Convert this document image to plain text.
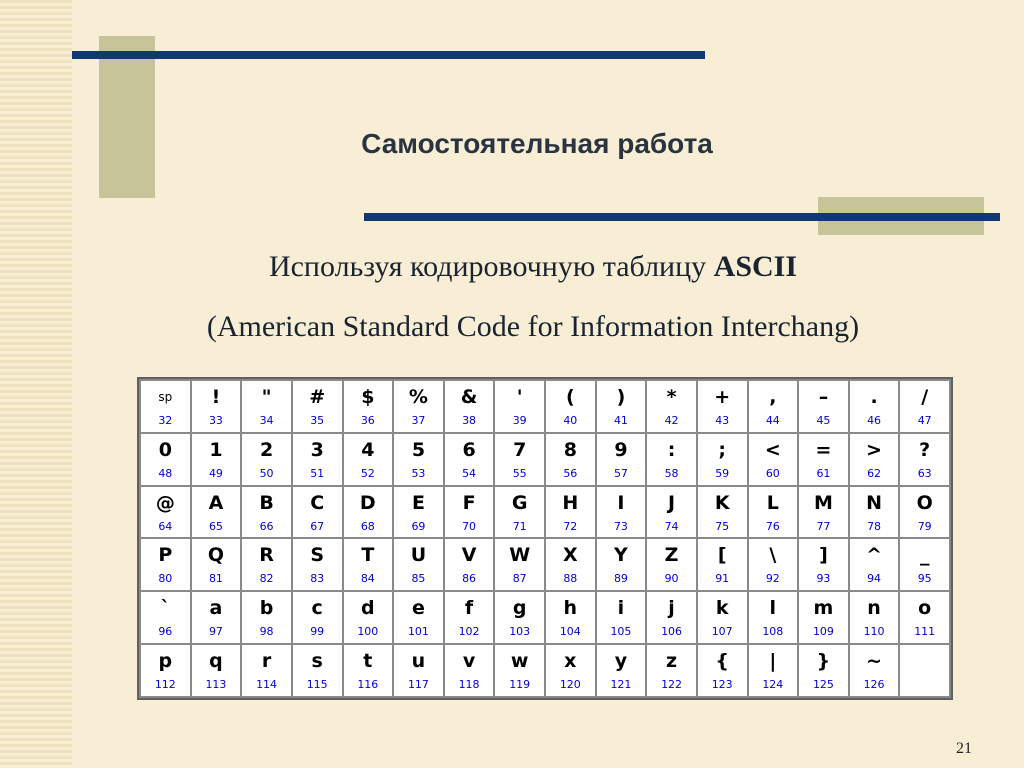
Самостоятельная работа
Используя кодировочную таблицу ASCII
(American Standard Code for Information Interchang)
sp
32
!
33
"
34
#
35
$
36
%
37
&
38
'
39
(
40
)
41
*
42
+
43
,
44
–
45
.
46
/
47
0
48
1
49
2
50
3
51
4
52
5
53
6
54
7
55
8
56
9
57
:
58
;
59
<
60
=
61
>
62
?
63
@
64
A
65
B
66
C
67
D
68
E
69
F
70
G
71
H
72
I
73
J
74
K
75
L
76
M
77
N
78
O
79
P
80
Q
81
R
82
S
83
T
84
U
85
V
86
W
87
X
88
Y
89
Z
90
[
91
\
92
]
93
^
94
_
95
`
96
a
97
b
98
c
99
d
100
e
101
f
102
g
103
h
104
i
105
j
106
k
107
l
108
m
109
n
110
o
111
p
112
q
113
r
114
s
115
t
116
u
117
v
118
w
119
x
120
y
121
z
122
{
123
|
124
}
125
~
126
21
